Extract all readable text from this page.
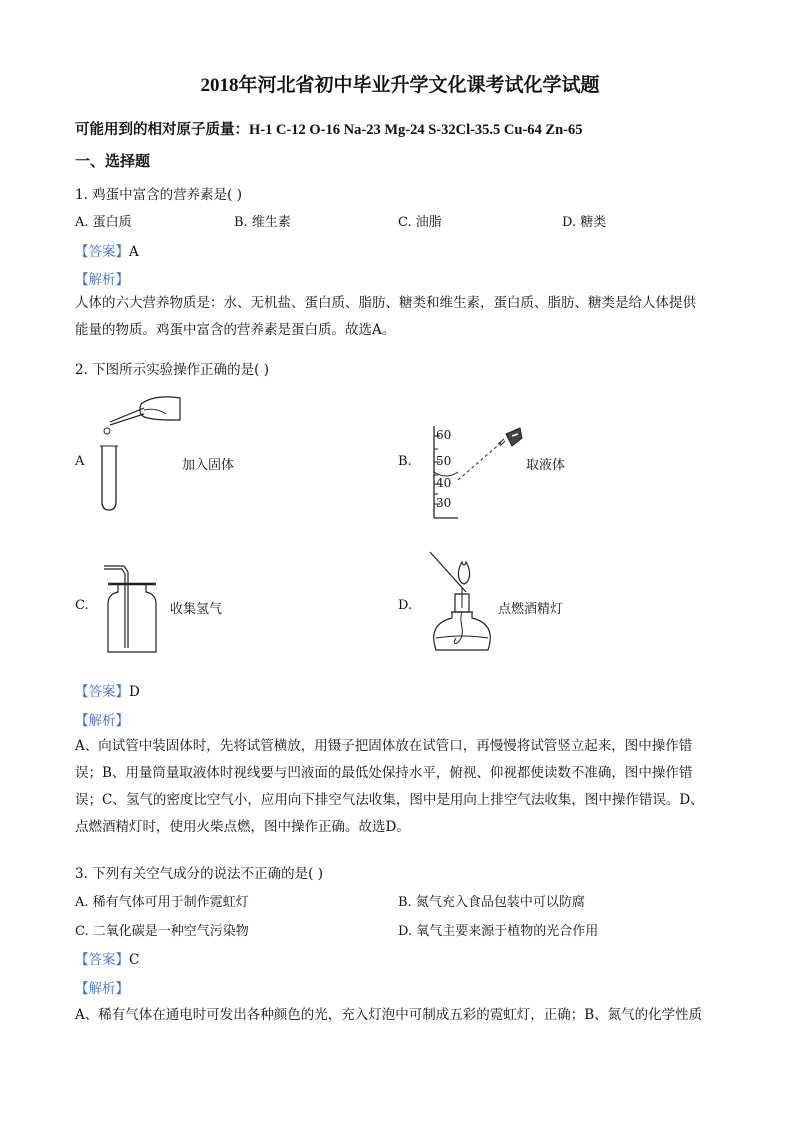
2018年河北省初中毕业升学文化课考试化学试题
可能用到的相对原子质量：H-1 C-12 O-16 Na-23 Mg-24 S-32Cl-35.5 Cu-64 Zn-65
一、选择题
1. 鸡蛋中富含的营养素是( )
A. 蛋白质	B. 维生素	C. 油脂	D. 糖类
【答案】A
【解析】
人体的六大营养物质是：水、无机盐、蛋白质、脂肪、糖类和维生素，蛋白质、脂肪、糖类是给人体提供
能量的物质。鸡蛋中富含的营养素是蛋白质。故选A。
2. 下图所示实验操作正确的是( )
A	加入固体	B.
60
50
40
30
取液体
C.	收集氢气	D.	点燃酒精灯
【答案】D
【解析】
A、向试管中装固体时，先将试管横放，用镊子把固体放在试管口，再慢慢将试管竖立起来，图中操作错
误；B、用量筒量取液体时视线要与凹液面的最低处保持水平，俯视、仰视都使读数不准确，图中操作错
误；C、氢气的密度比空气小，应用向下排空气法收集，图中是用向上排空气法收集，图中操作错误。D、
点燃酒精灯时，使用火柴点燃，图中操作正确。故选D。
3. 下列有关空气成分的说法不正确的是( )
A. 稀有气体可用于制作霓虹灯	B. 氮气充入食品包装中可以防腐
C. 二氧化碳是一种空气污染物	D. 氧气主要来源于植物的光合作用
【答案】C
【解析】
A、稀有气体在通电时可发出各种颜色的光，充入灯泡中可制成五彩的霓虹灯，正确；B、氮气的化学性质
